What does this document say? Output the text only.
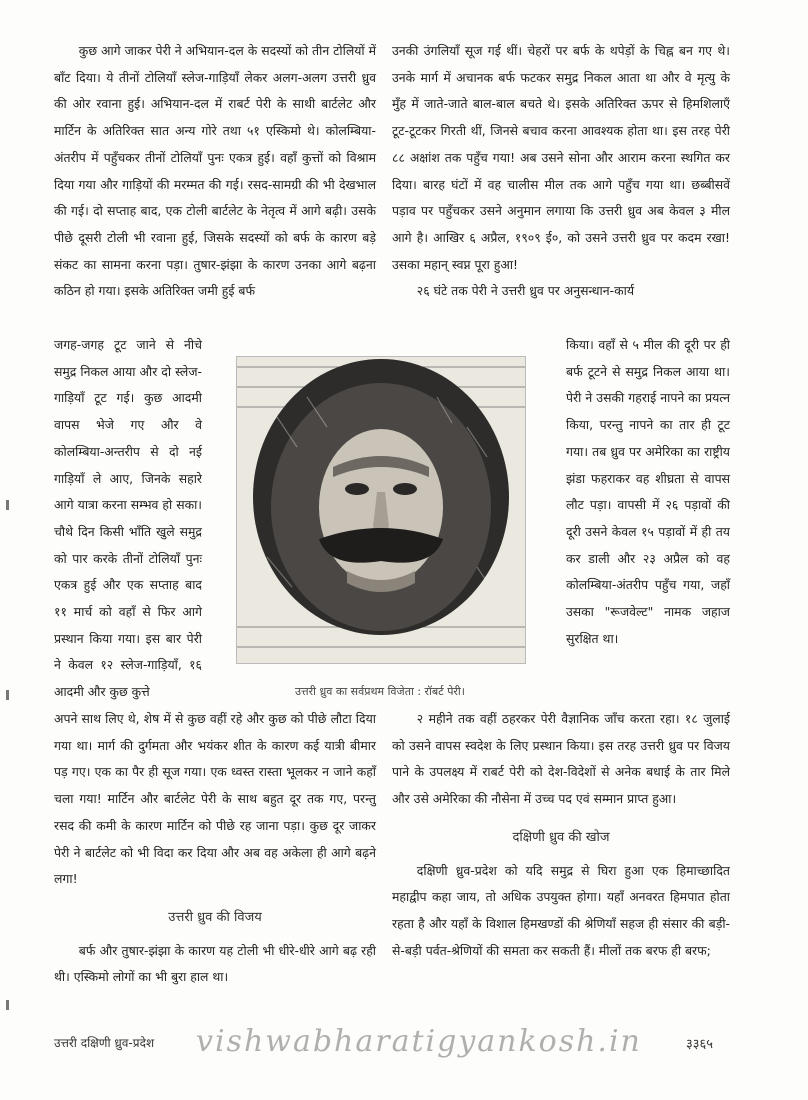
कुछ आगे जाकर पेरी ने अभियान-दल के सदस्यों को तीन टोलियों में बाँट दिया। ये तीनों टोलियाँ स्लेज-गाड़ियाँ लेकर अलग-अलग उत्तरी ध्रुव की ओर रवाना हुई। अभियान-दल में राबर्ट पेरी के साथी बार्टलेट और मार्टिन के अतिरिक्त सात अन्य गोरे तथा ५१ एस्किमो थे। कोलम्बिया-अंतरीप में पहुँचकर तीनों टोलियाँ पुनः एकत्र हुई। वहाँ कुत्तों को विश्राम दिया गया और गाड़ियों की मरम्मत की गई। रसद-सामग्री की भी देखभाल की गई। दो सप्ताह बाद, एक टोली बार्टलेट के नेतृत्व में आगे बढ़ी। उसके पीछे दूसरी टोली भी रवाना हुई, जिसके सदस्यों को बर्फ के कारण बड़े संकट का सामना करना पड़ा। तुषार-झंझा के कारण उनका आगे बढ़ना कठिन हो गया। इसके अतिरिक्त जमी हुई बर्फ

जगह-जगह टूट जाने से नीचे समुद्र निकल आया और दो स्लेज-गाड़ियाँ टूट गई। कुछ आदमी वापस भेजे गए और वे कोलम्बिया-अन्तरीप से दो नई गाड़ियाँ ले आए, जिनके सहारे आगे यात्रा करना सम्भव हो सका। चौथे दिन किसी भाँति खुले समुद्र को पार करके तीनों टोलियाँ पुनः एकत्र हुई और एक सप्ताह बाद ११ मार्च को वहाँ से फिर आगे प्रस्थान किया गया। इस बार पेरी ने केवल १२ स्लेज-गाड़ियाँ, १६ आदमी और कुछ कुत्ते

अपने साथ लिए थे, शेष में से कुछ वहीं रहे और कुछ को पीछे लौटा दिया गया था। मार्ग की दुर्गमता और भयंकर शीत के कारण कई यात्री बीमार पड़ गए। एक का पैर ही सूज गया। एक ध्वस्त रास्ता भूलकर न जाने कहाँ चला गया! मार्टिन और बार्टलेट पेरी के साथ बहुत दूर तक गए, परन्तु रसद की कमी के कारण मार्टिन को पीछे रह जाना पड़ा। कुछ दूर जाकर पेरी ने बार्टलेट को भी विदा कर दिया और अब वह अकेला ही आगे बढ़ने लगा!

उत्तरी ध्रुव की विजय

बर्फ और तुषार-झंझा के कारण यह टोली भी धीरे-धीरे आगे बढ़ रही थी। एस्किमो लोगों का भी बुरा हाल था।

उनकी उंगलियाँ सूज गई थीं। चेहरों पर बर्फ के थपेड़ों के चिह्न बन गए थे। उनके मार्ग में अचानक बर्फ फटकर समुद्र निकल आता था और वे मृत्यु के मुँह में जाते-जाते बाल-बाल बचते थे। इसके अतिरिक्त ऊपर से हिमशिलाएँ टूट-टूटकर गिरती थीं, जिनसे बचाव करना आवश्यक होता था। इस तरह पेरी ८८ अक्षांश तक पहुँच गया! अब उसने सोना और आराम करना स्थगित कर दिया। बारह घंटों में वह चालीस मील तक आगे पहुँच गया था। छब्बीसवें पड़ाव पर पहुँचकर उसने अनुमान लगाया कि उत्तरी ध्रुव अब केवल ३ मील आगे है। आखिर ६ अप्रैल, १९०९ ई०, को उसने उत्तरी ध्रुव पर कदम रखा! उसका महान् स्वप्न पूरा हुआ!

२६ घंटे तक पेरी ने उत्तरी ध्रुव पर अनुसन्धान-कार्य

किया। वहाँ से ५ मील की दूरी पर ही बर्फ टूटने से समुद्र निकल आया था। पेरी ने उसकी गहराई नापने का प्रयत्न किया, परन्तु नापने का तार ही टूट गया। तब ध्रुव पर अमेरिका का राष्ट्रीय झंडा फहराकर वह शीघ्रता से वापस लौट पड़ा। वापसी में २६ पड़ावों की दूरी उसने केवल १५ पड़ावों में ही तय कर डाली और २३ अप्रैल को वह कोलम्बिया-अंतरीप पहुँच गया, जहाँ उसका "रूजवेल्ट" नामक जहाज सुरक्षित था।

२ महीने तक वहीं ठहरकर पेरी वैज्ञानिक जाँच करता रहा। १८ जुलाई को उसने वापस स्वदेश के लिए प्रस्थान किया। इस तरह उत्तरी ध्रुव पर विजय पाने के उपलक्ष्य में राबर्ट पेरी को देश-विदेशों से अनेक बधाई के तार मिले और उसे अमेरिका की नौसेना में उच्च पद एवं सम्मान प्राप्त हुआ।

दक्षिणी ध्रुव की खोज

दक्षिणी ध्रुव-प्रदेश को यदि समुद्र से घिरा हुआ एक हिमाच्छादित महाद्वीप कहा जाय, तो अधिक उपयुक्त होगा। यहाँ अनवरत हिमपात होता रहता है और यहाँ के विशाल हिमखण्डों की श्रेणियाँ सहज ही संसार की बड़ी-से-बड़ी पर्वत-श्रेणियों की समता कर सकती हैं। मीलों तक बरफ ही बरफ;

उत्तरी ध्रुव का सर्वप्रथम विजेता : रॉबर्ट पेरी।
उत्तरी दक्षिणी ध्रुव-प्रदेश vishwabharatigyankosh.in	३३६५
